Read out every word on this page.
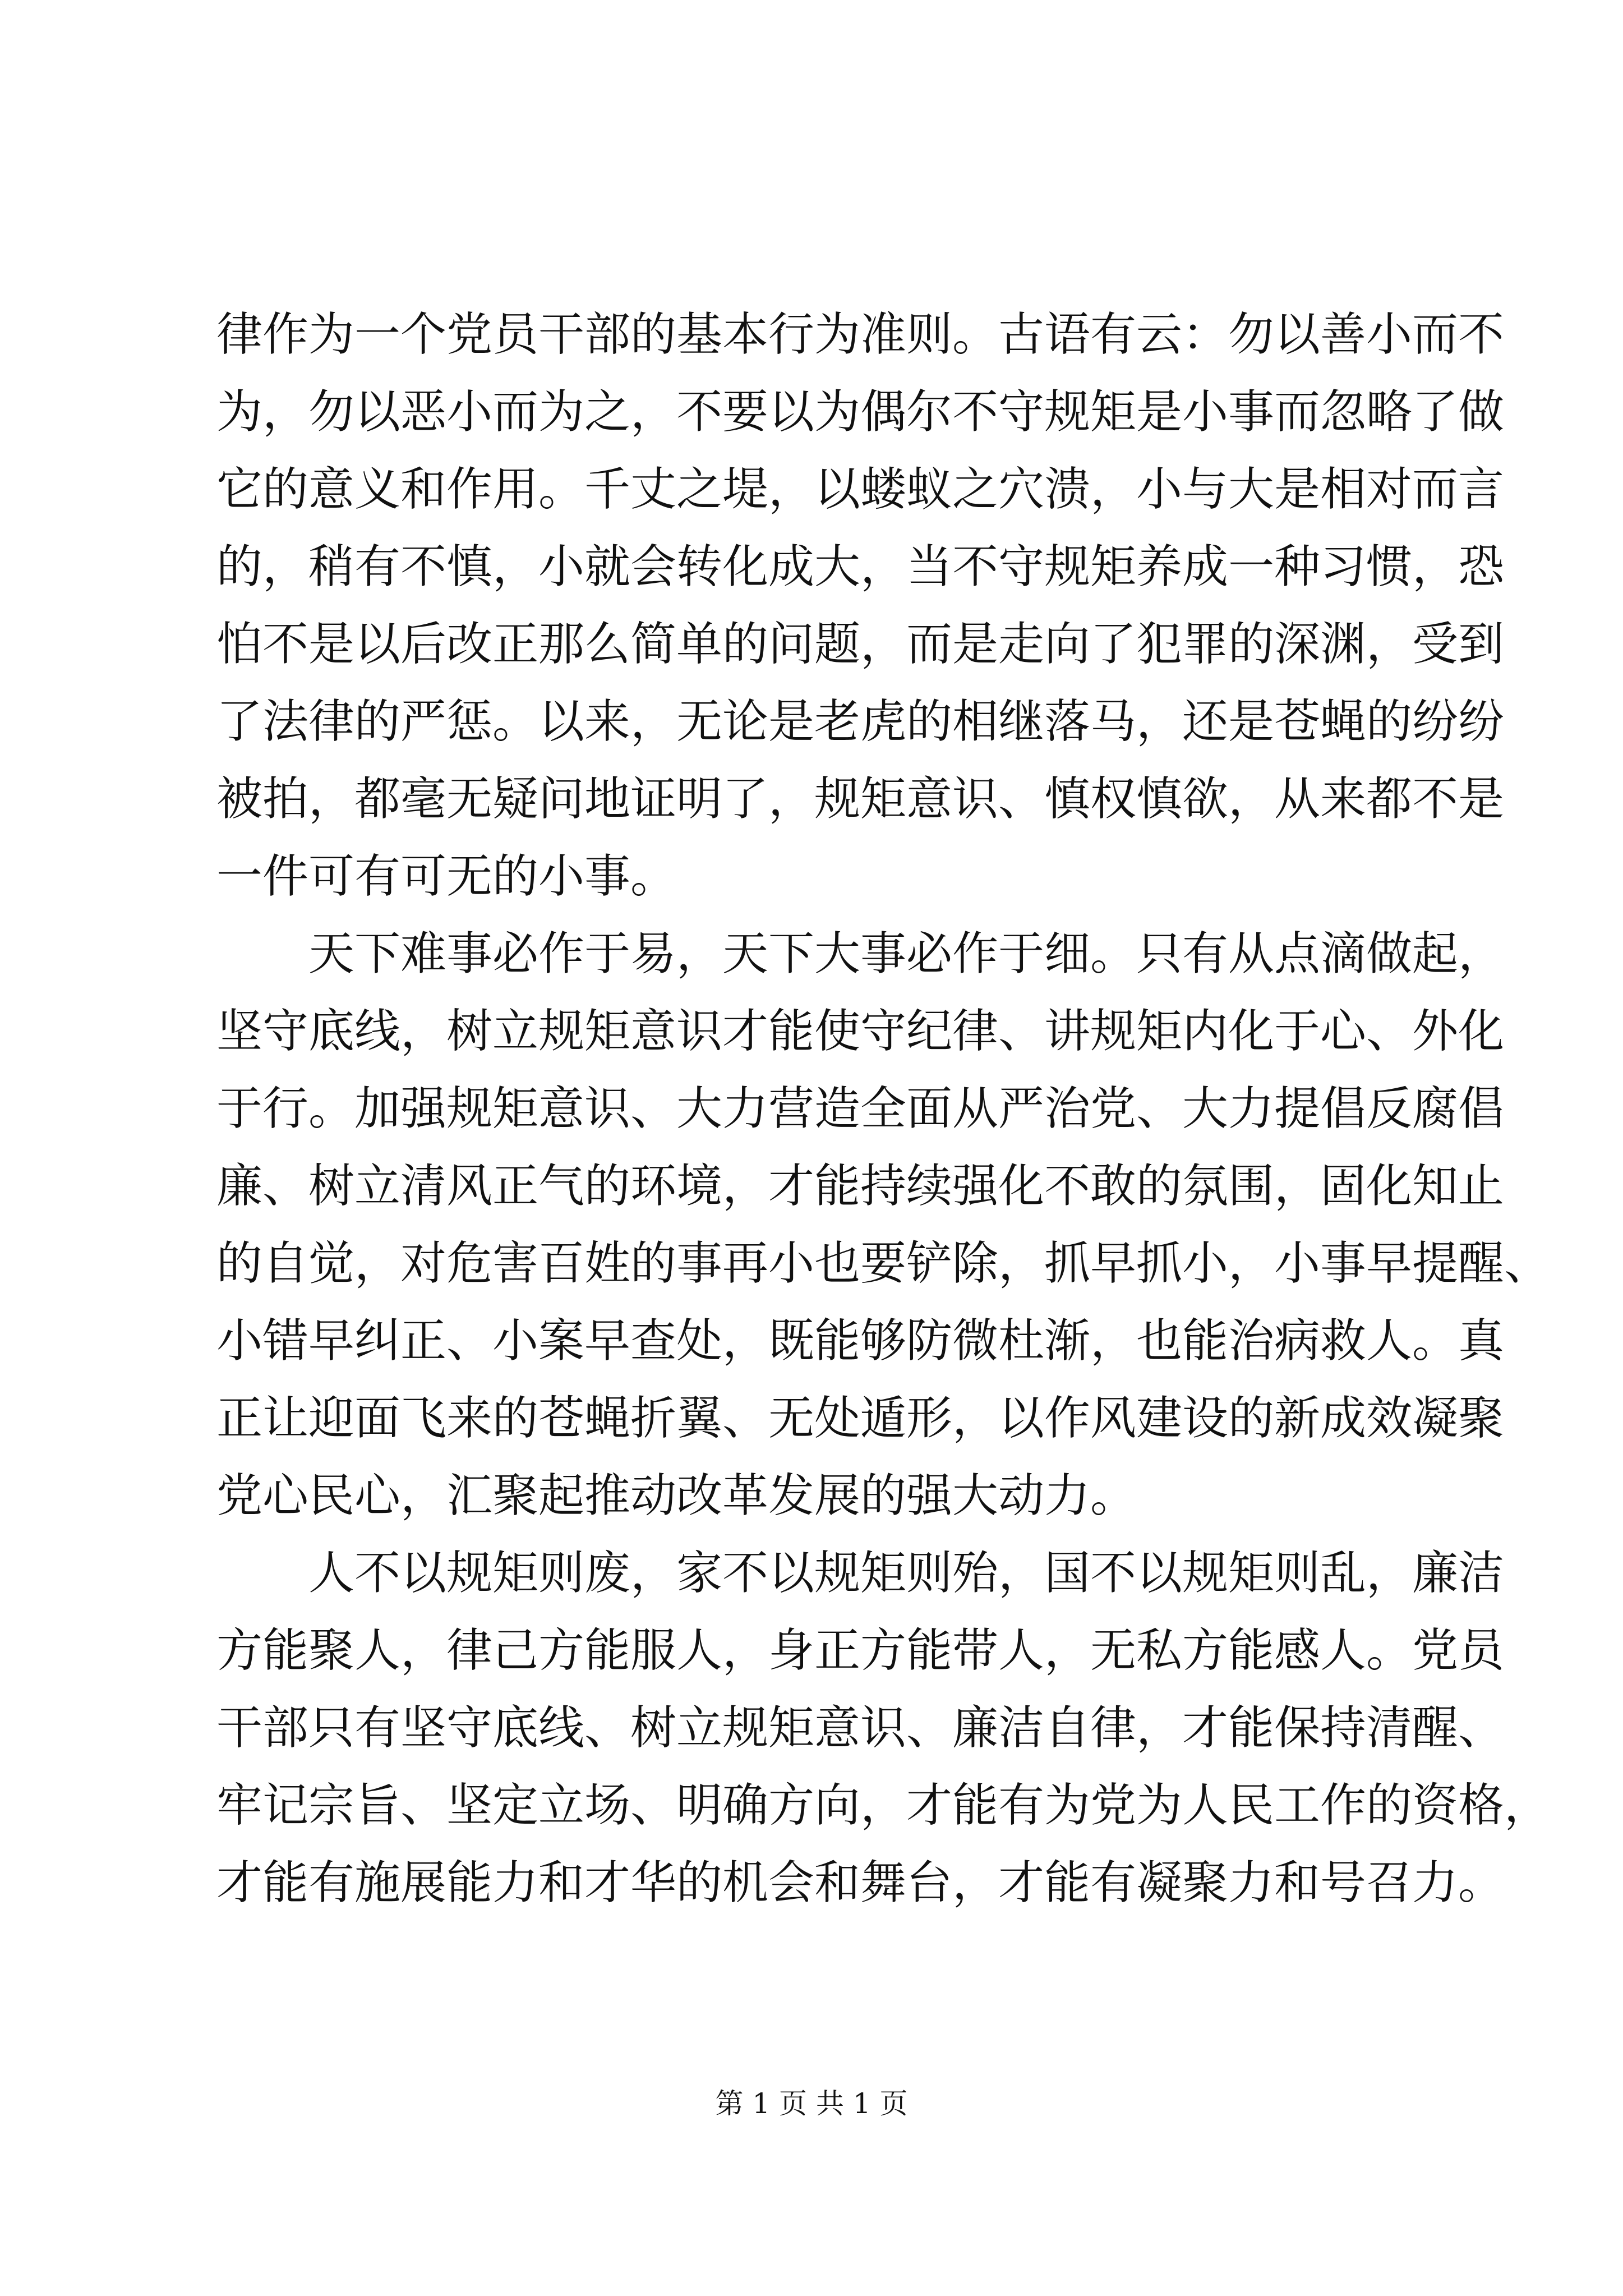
律作为一个党员干部的基本行为准则。古语有云：勿以善小而不
为，勿以恶小而为之，不要以为偶尔不守规矩是小事而忽略了做
它的意义和作用。千丈之堤，以蝼蚁之穴溃，小与大是相对而言
的，稍有不慎，小就会转化成大，当不守规矩养成一种习惯，恐
怕不是以后改正那么简单的问题，而是走向了犯罪的深渊，受到
了法律的严惩。以来，无论是老虎的相继落马，还是苍蝇的纷纷
被拍，都毫无疑问地证明了，规矩意识、慎权慎欲，从来都不是
一件可有可无的小事。
天下难事必作于易，天下大事必作于细。只有从点滴做起，
坚守底线，树立规矩意识才能使守纪律、讲规矩内化于心、外化
于行。加强规矩意识、大力营造全面从严治党、大力提倡反腐倡
廉、树立清风正气的环境，才能持续强化不敢的氛围，固化知止
的自觉，对危害百姓的事再小也要铲除，抓早抓小，小事早提醒、
小错早纠正、小案早查处，既能够防微杜渐，也能治病救人。真
正让迎面飞来的苍蝇折翼、无处遁形，以作风建设的新成效凝聚
党心民心，汇聚起推动改革发展的强大动力。
人不以规矩则废，家不以规矩则殆，国不以规矩则乱，廉洁
方能聚人，律己方能服人，身正方能带人，无私方能感人。党员
干部只有坚守底线、树立规矩意识、廉洁自律，才能保持清醒、
牢记宗旨、坚定立场、明确方向，才能有为党为人民工作的资格，
才能有施展能力和才华的机会和舞台，才能有凝聚力和号召力。
第 1 页 共 1 页
